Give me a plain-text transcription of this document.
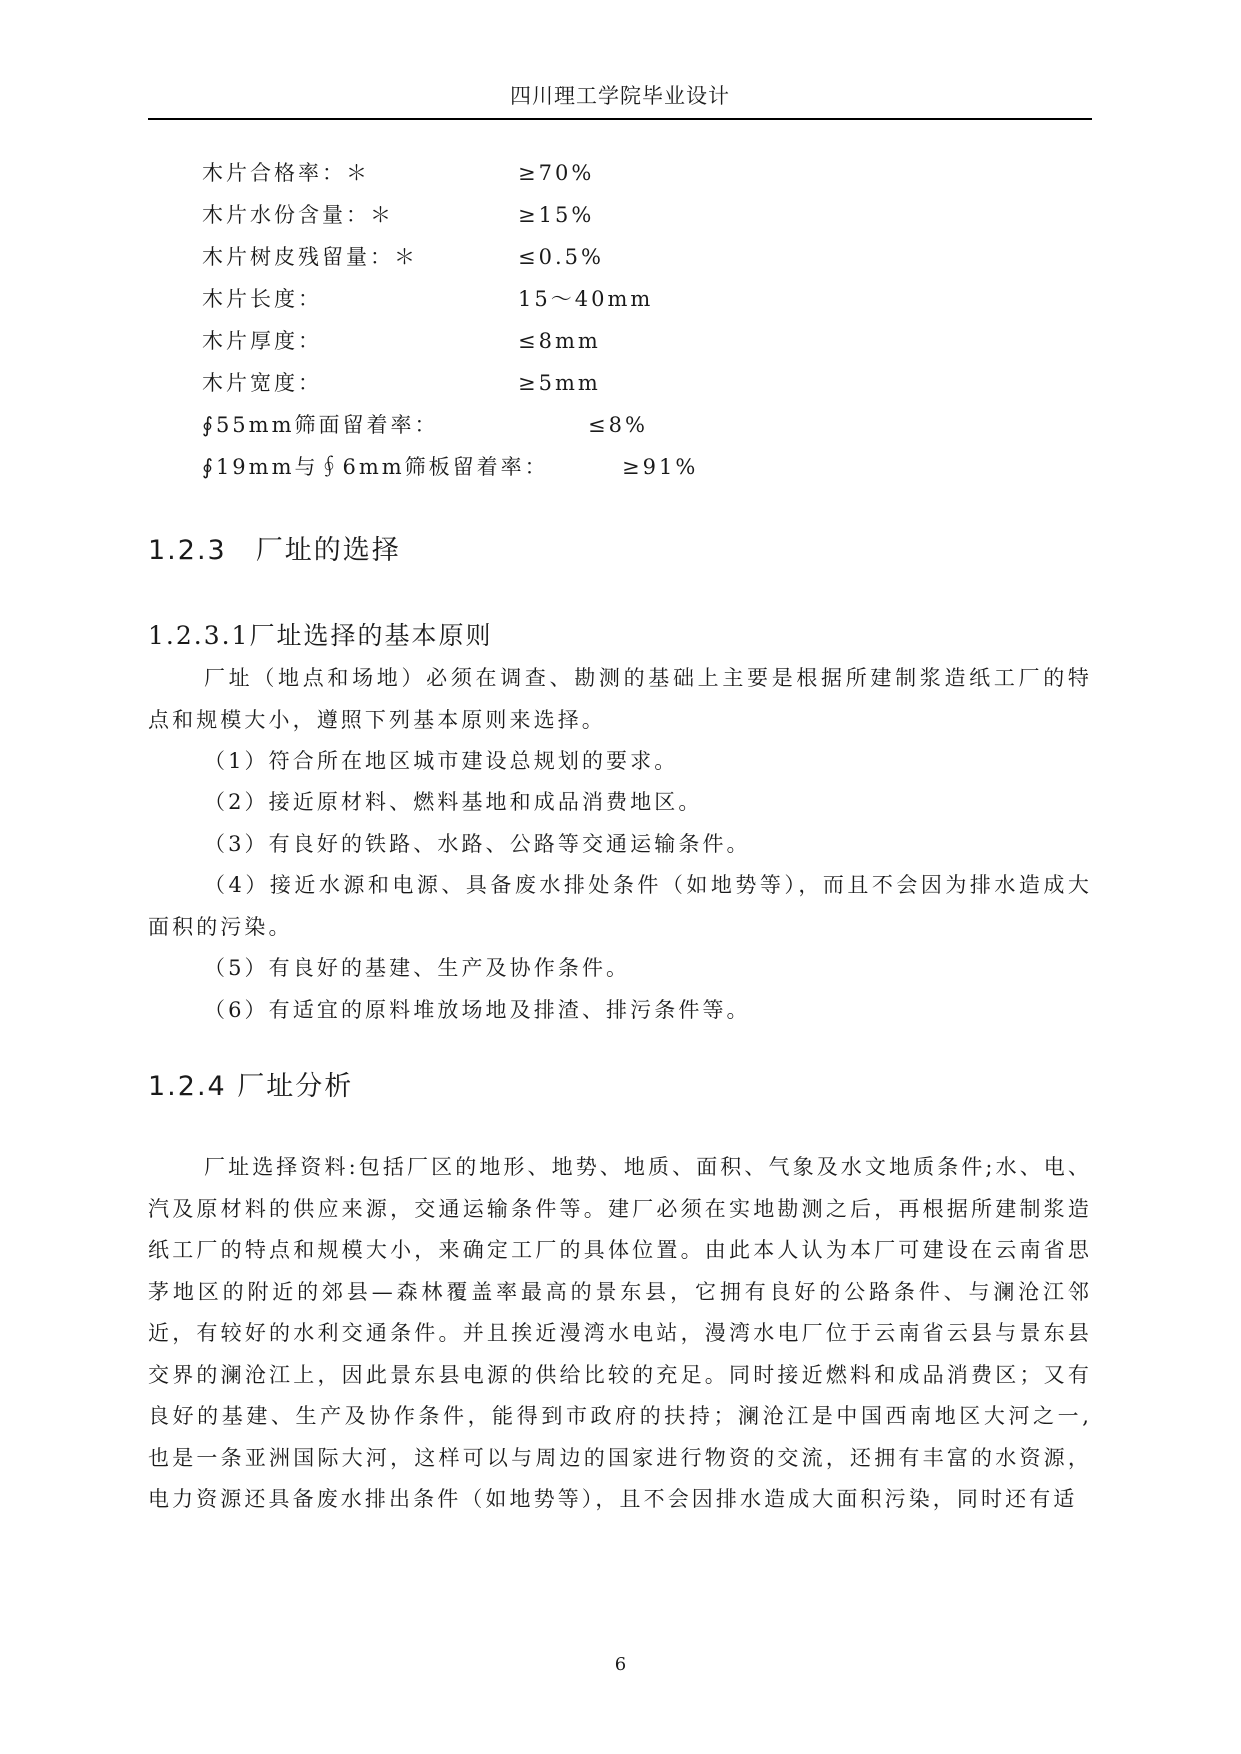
四川理工学院毕业设计
木片合格率：＊	≥70%
木片水份含量：＊	≥15%
木片树皮残留量：＊	≤0.5%
木片长度：	15～40mm
木片厚度：	≤8mm
木片宽度：	≥5mm
∮55mm筛面留着率：	≤8%
∮19mm与∮6mm筛板留着率：	≥91%
1.2.3　厂址的选择
1.2.3.1厂址选择的基本原则

厂址（地点和场地）必须在调查、勘测的基础上主要是根据所建制浆造纸工厂的特点和规模大小，遵照下列基本原则来选择。

（1）符合所在地区城市建设总规划的要求。

（2）接近原材料、燃料基地和成品消费地区。

（3）有良好的铁路、水路、公路等交通运输条件。

（4）接近水源和电源、具备废水排处条件（如地势等），而且不会因为排水造成大面积的污染。

（5）有良好的基建、生产及协作条件。

（6）有适宜的原料堆放场地及排渣、排污条件等。

1.2.4 厂址分析

厂址选择资料:包括厂区的地形、地势、地质、面积、气象及水文地质条件;水、电、汽及原材料的供应来源，交通运输条件等。建厂必须在实地勘测之后，再根据所建制浆造纸工厂的特点和规模大小，来确定工厂的具体位置。由此本人认为本厂可建设在云南省思茅地区的附近的郊县—森林覆盖率最高的景东县，它拥有良好的公路条件、与澜沧江邻近，有较好的水利交通条件。并且挨近漫湾水电站，漫湾水电厂位于云南省云县与景东县交界的澜沧江上，因此景东县电源的供给比较的充足。同时接近燃料和成品消费区；又有良好的基建、生产及协作条件，能得到市政府的扶持；澜沧江是中国西南地区大河之一,也是一条亚洲国际大河，这样可以与周边的国家进行物资的交流，还拥有丰富的水资源，电力资源还具备废水排出条件（如地势等），且不会因排水造成大面积污染，同时还有适

6
